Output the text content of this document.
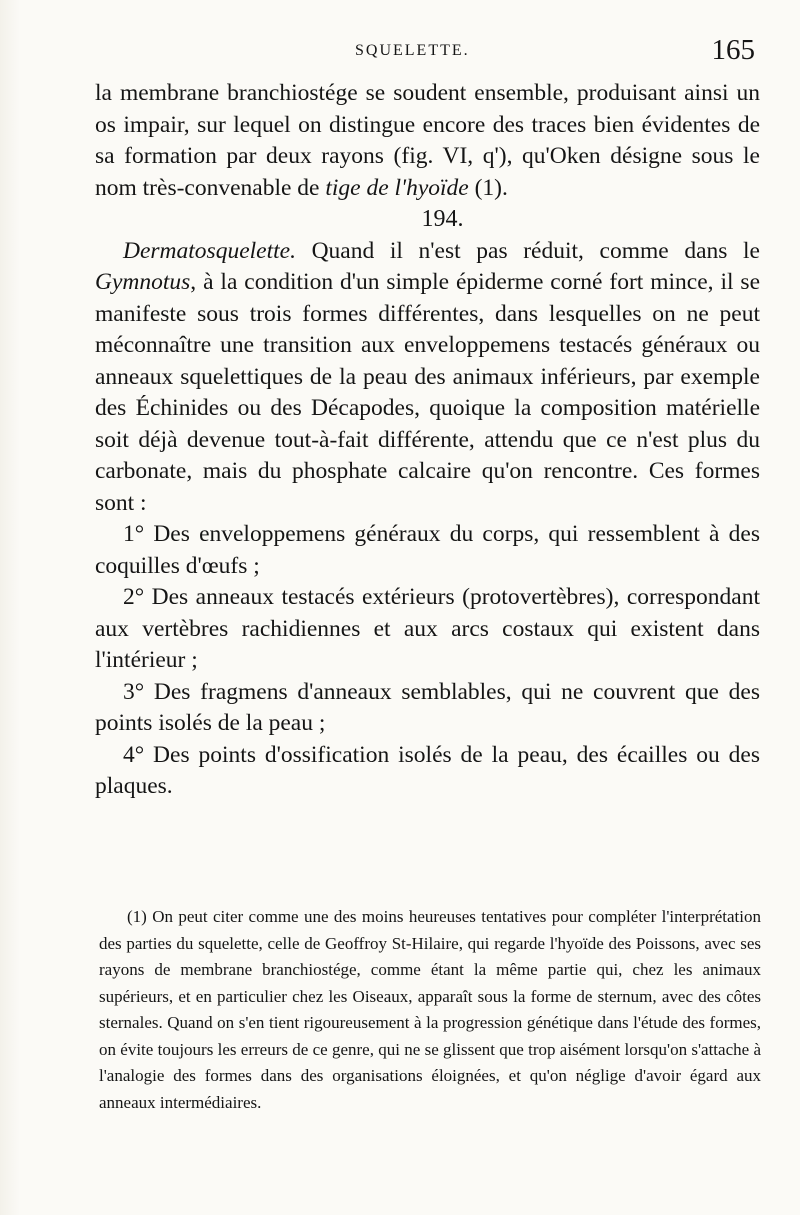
SQUELETTE.	165

la membrane branchiostége se soudent ensemble, produisant ainsi un os impair, sur lequel on distingue encore des traces bien évidentes de sa formation par deux rayons (fig. VI, q'), qu'Oken désigne sous le nom très-convenable de tige de l'hyoïde (1).

194.

Dermatosquelette. Quand il n'est pas réduit, comme dans le Gymnotus, à la condition d'un simple épiderme corné fort mince, il se manifeste sous trois formes différentes, dans lesquelles on ne peut méconnaître une transition aux enveloppemens testacés généraux ou anneaux squelettiques de la peau des animaux inférieurs, par exemple des Échinides ou des Décapodes, quoique la composition matérielle soit déjà devenue tout-à-fait différente, attendu que ce n'est plus du carbonate, mais du phosphate calcaire qu'on rencontre. Ces formes sont :

1° Des enveloppemens généraux du corps, qui ressemblent à des coquilles d'œufs ;

2° Des anneaux testacés extérieurs (protovertèbres), correspondant aux vertèbres rachidiennes et aux arcs costaux qui existent dans l'intérieur ;

3° Des fragmens d'anneaux semblables, qui ne couvrent que des points isolés de la peau ;

4° Des points d'ossification isolés de la peau, des écailles ou des plaques.

(1) On peut citer comme une des moins heureuses tentatives pour compléter l'interprétation des parties du squelette, celle de Geoffroy St-Hilaire, qui regarde l'hyoïde des Poissons, avec ses rayons de membrane branchiostége, comme étant la même partie qui, chez les animaux supérieurs, et en particulier chez les Oiseaux, apparaît sous la forme de sternum, avec des côtes sternales. Quand on s'en tient rigoureusement à la progression génétique dans l'étude des formes, on évite toujours les erreurs de ce genre, qui ne se glissent que trop aisément lorsqu'on s'attache à l'analogie des formes dans des organisations éloignées, et qu'on néglige d'avoir égard aux anneaux intermédiaires.
